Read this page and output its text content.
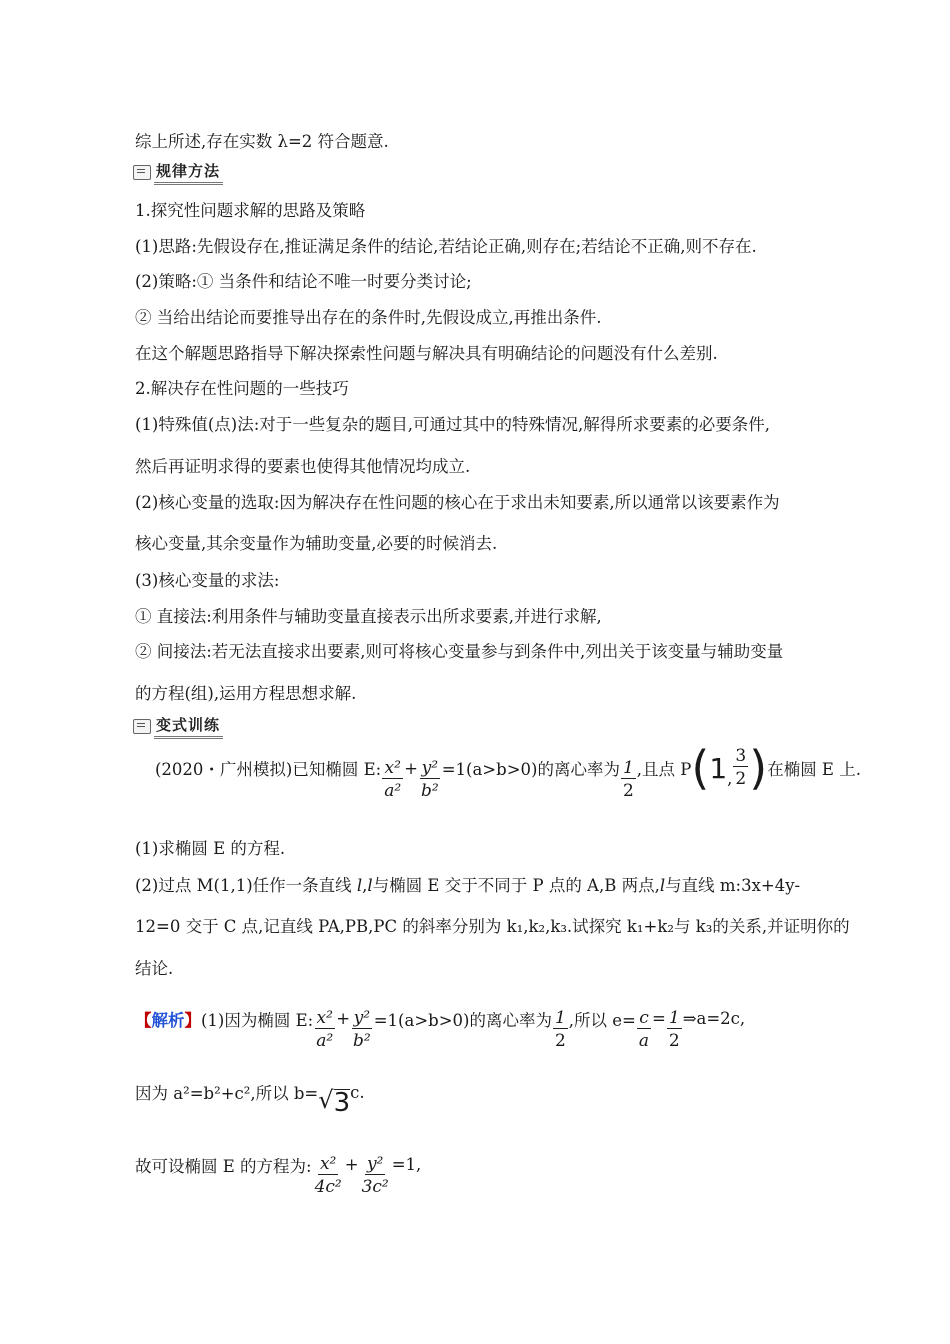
综上所述,存在实数 λ=2 符合题意.
规律方法
1.探究性问题求解的思路及策略
(1)思路:先假设存在,推证满足条件的结论,若结论正确,则存在;若结论不正确,则不存在.
(2)策略:① 当条件和结论不唯一时要分类讨论;
② 当给出结论而要推导出存在的条件时,先假设成立,再推出条件.
在这个解题思路指导下解决探索性问题与解决具有明确结论的问题没有什么差别.
2.解决存在性问题的一些技巧
(1)特殊值(点)法:对于一些复杂的题目,可通过其中的特殊情况,解得所求要素的必要条件,
然后再证明求得的要素也使得其他情况均成立.
(2)核心变量的选取:因为解决存在性问题的核心在于求出未知要素,所以通常以该要素作为
核心变量,其余变量作为辅助变量,必要的时候消去.
(3)核心变量的求法:
① 直接法:利用条件与辅助变量直接表示出所求要素,并进行求解,
② 间接法:若无法直接求出要素,则可将核心变量参与到条件中,列出关于该变量与辅助变量
的方程(组),运用方程思想求解.
变式训练
(2020・广州模拟)已知椭圆 E: $\frac{\text{x²}}{\text{a²}} + \frac{\text{y²}}{\text{b²}} =1(a>b>0)$的离心率为 $\frac{1}{2}$ ,且点 P ( 1 , $\frac{3}{2}$ ) 在椭圆 E 上.
(1)求椭圆 E 的方程.
(2)过点 M(1,1)任作一条直线 l,l与椭圆 E 交于不同于 P 点的 A,B 两点,l与直线 m:3x+4y-
12=0 交于 C 点,记直线 PA,PB,PC 的斜率分别为 k₁,k₂,k₃.试探究 k₁+k₂与 k₃的关系,并证明你的
结论.
【 解析 】 (1)因为椭圆 E: $\frac{\text{x²}}{\text{a²}} + \frac{\text{y²}}{\text{b²}} =1(a>b>0)$的离心率为 $\frac{1}{2}$ ,所以 $e= \frac{c}{a} = \frac{1}{2}$ ⇒a=2c,
因为 a²=b²+c²,所以 b= √ 3 c.
故可设椭圆 E 的方程为: $\frac{\text{x²}}{\text{4c²}} + \frac{\text{y²}}{\text{3c²}} =1$,
